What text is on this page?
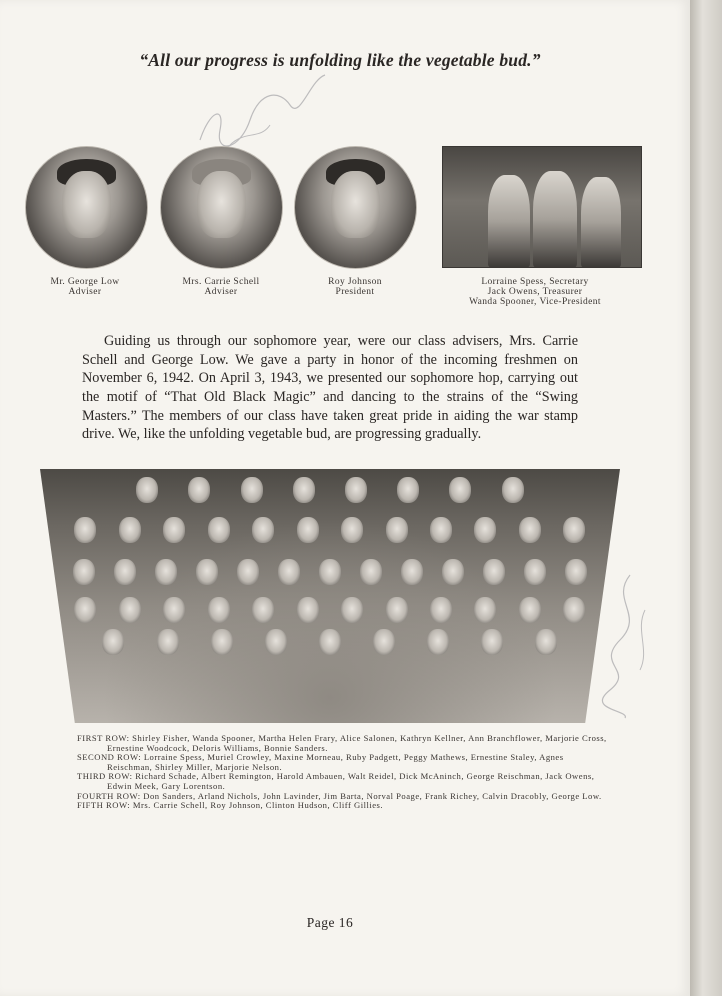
“All our progress is unfolding like the vegetable bud.”
​
Mr. George Low
Adviser
Mrs. Carrie Schell
Adviser
Roy Johnson
President
Lorraine Spess, Secretary
Jack Owens, Treasurer
Wanda Spooner, Vice-President

Guiding us through our sophomore year, were our class advisers, Mrs. Carrie Schell and George Low. We gave a party in honor of the incoming freshmen on November 6, 1942. On April 3, 1943, we presented our sophomore hop, carrying out the motif of “That Old Black Magic” and dancing to the strains of the “Swing Masters.” The members of our class have taken great pride in aiding the war stamp drive. We, like the unfolding vegetable bud, are progressing gradually.

FIRST ROW: Shirley Fisher, Wanda Spooner, Martha Helen Frary, Alice Salonen, Kathryn Kellner, Ann Branchflower, Marjorie Cross, Ernestine Woodcock, Deloris Williams, Bonnie Sanders.

SECOND ROW: Lorraine Spess, Muriel Crowley, Maxine Morneau, Ruby Padgett, Peggy Mathews, Ernestine Staley, Agnes Reischman, Shirley Miller, Marjorie Nelson.

THIRD ROW: Richard Schade, Albert Remington, Harold Ambauen, Walt Reidel, Dick McAninch, George Reischman, Jack Owens, Edwin Meek, Gary Lorentson.

FOURTH ROW: Don Sanders, Arland Nichols, John Lavinder, Jim Barta, Norval Poage, Frank Richey, Calvin Dracobly, George Low.

FIFTH ROW: Mrs. Carrie Schell, Roy Johnson, Clinton Hudson, Cliff Gillies.

Page 16
